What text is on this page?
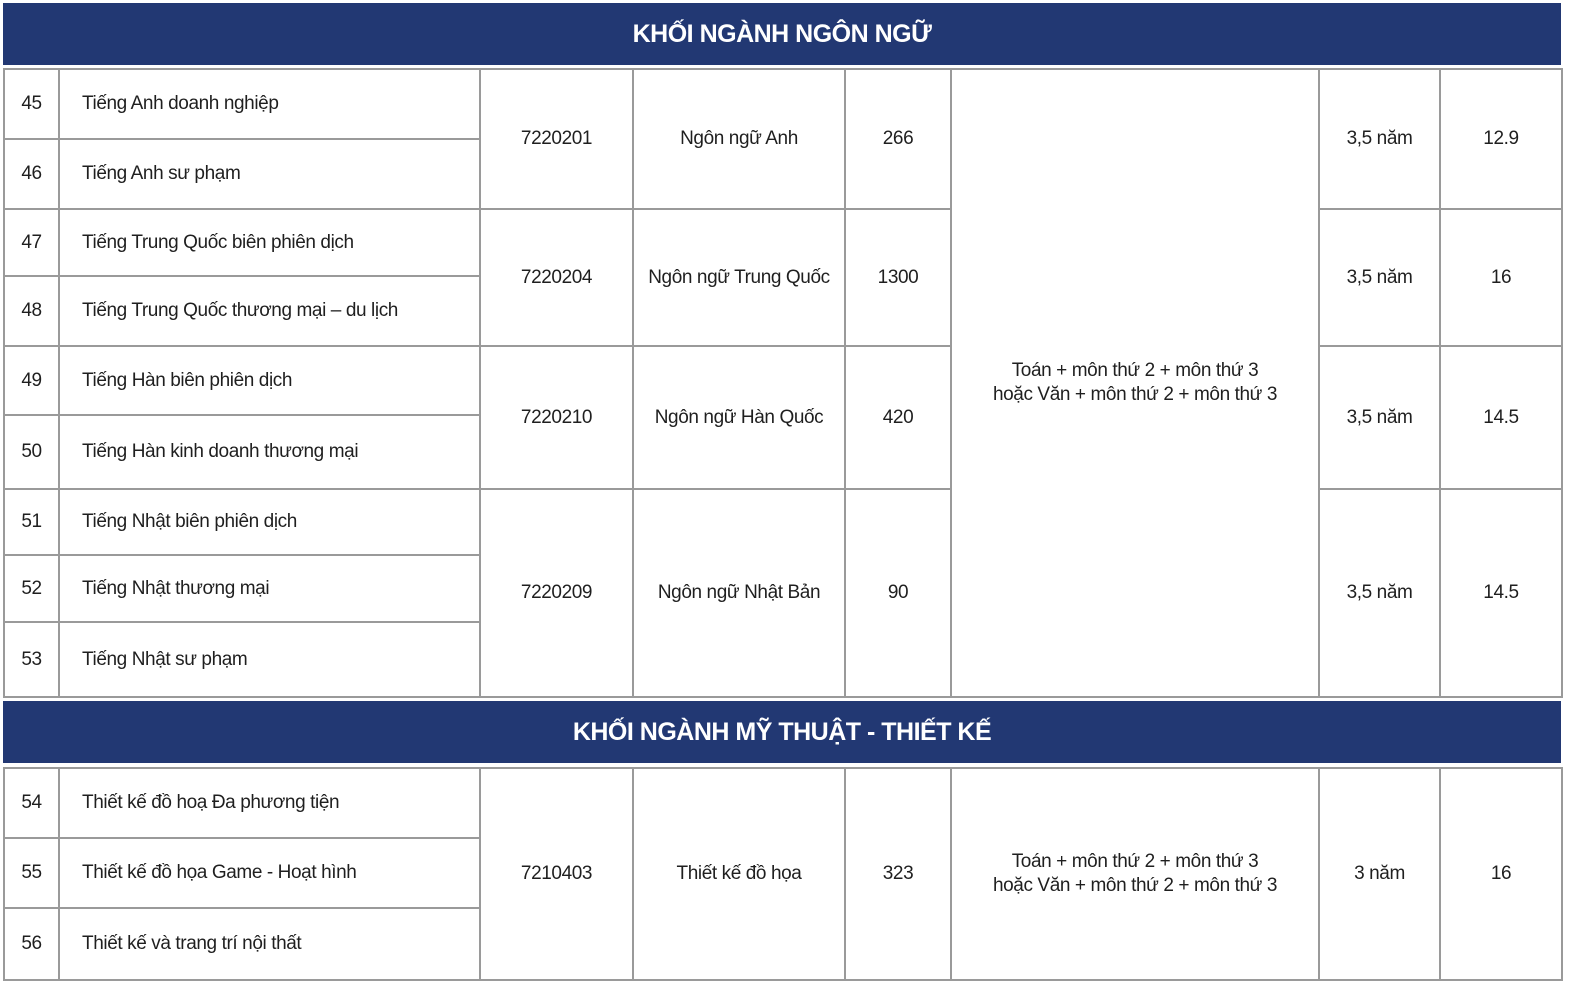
KHỐI NGÀNH NGÔN NGỮ
45	Tiếng Anh doanh nghiệp	7220201	Ngôn ngữ Anh	266	Toán + môn thứ 2 + môn thứ 3
hoặc Văn + môn thứ 2 + môn thứ 3	3,5 năm	12.9
46	Tiếng Anh sư phạm						
47	Tiếng Trung Quốc biên phiên dịch	7220204	Ngôn ngữ Trung Quốc	1300		3,5 năm	16
48	Tiếng Trung Quốc thương mại – du lịch						
49	Tiếng Hàn biên phiên dịch	7220210	Ngôn ngữ Hàn Quốc	420		3,5 năm	14.5
50	Tiếng Hàn kinh doanh thương mại						
51	Tiếng Nhật biên phiên dịch	7220209	Ngôn ngữ Nhật Bản	90		3,5 năm	14.5
52	Tiếng Nhật thương mại						
53	Tiếng Nhật sư phạm						
KHỐI NGÀNH MỸ THUẬT - THIẾT KẾ
54	Thiết kế đồ hoạ Đa phương tiện	7210403	Thiết kế đồ họa	323	Toán + môn thứ 2 + môn thứ 3
hoặc Văn + môn thứ 2 + môn thứ 3	3 năm	16
55	Thiết kế đồ họa Game - Hoạt hình						
56	Thiết kế và trang trí nội thất						
